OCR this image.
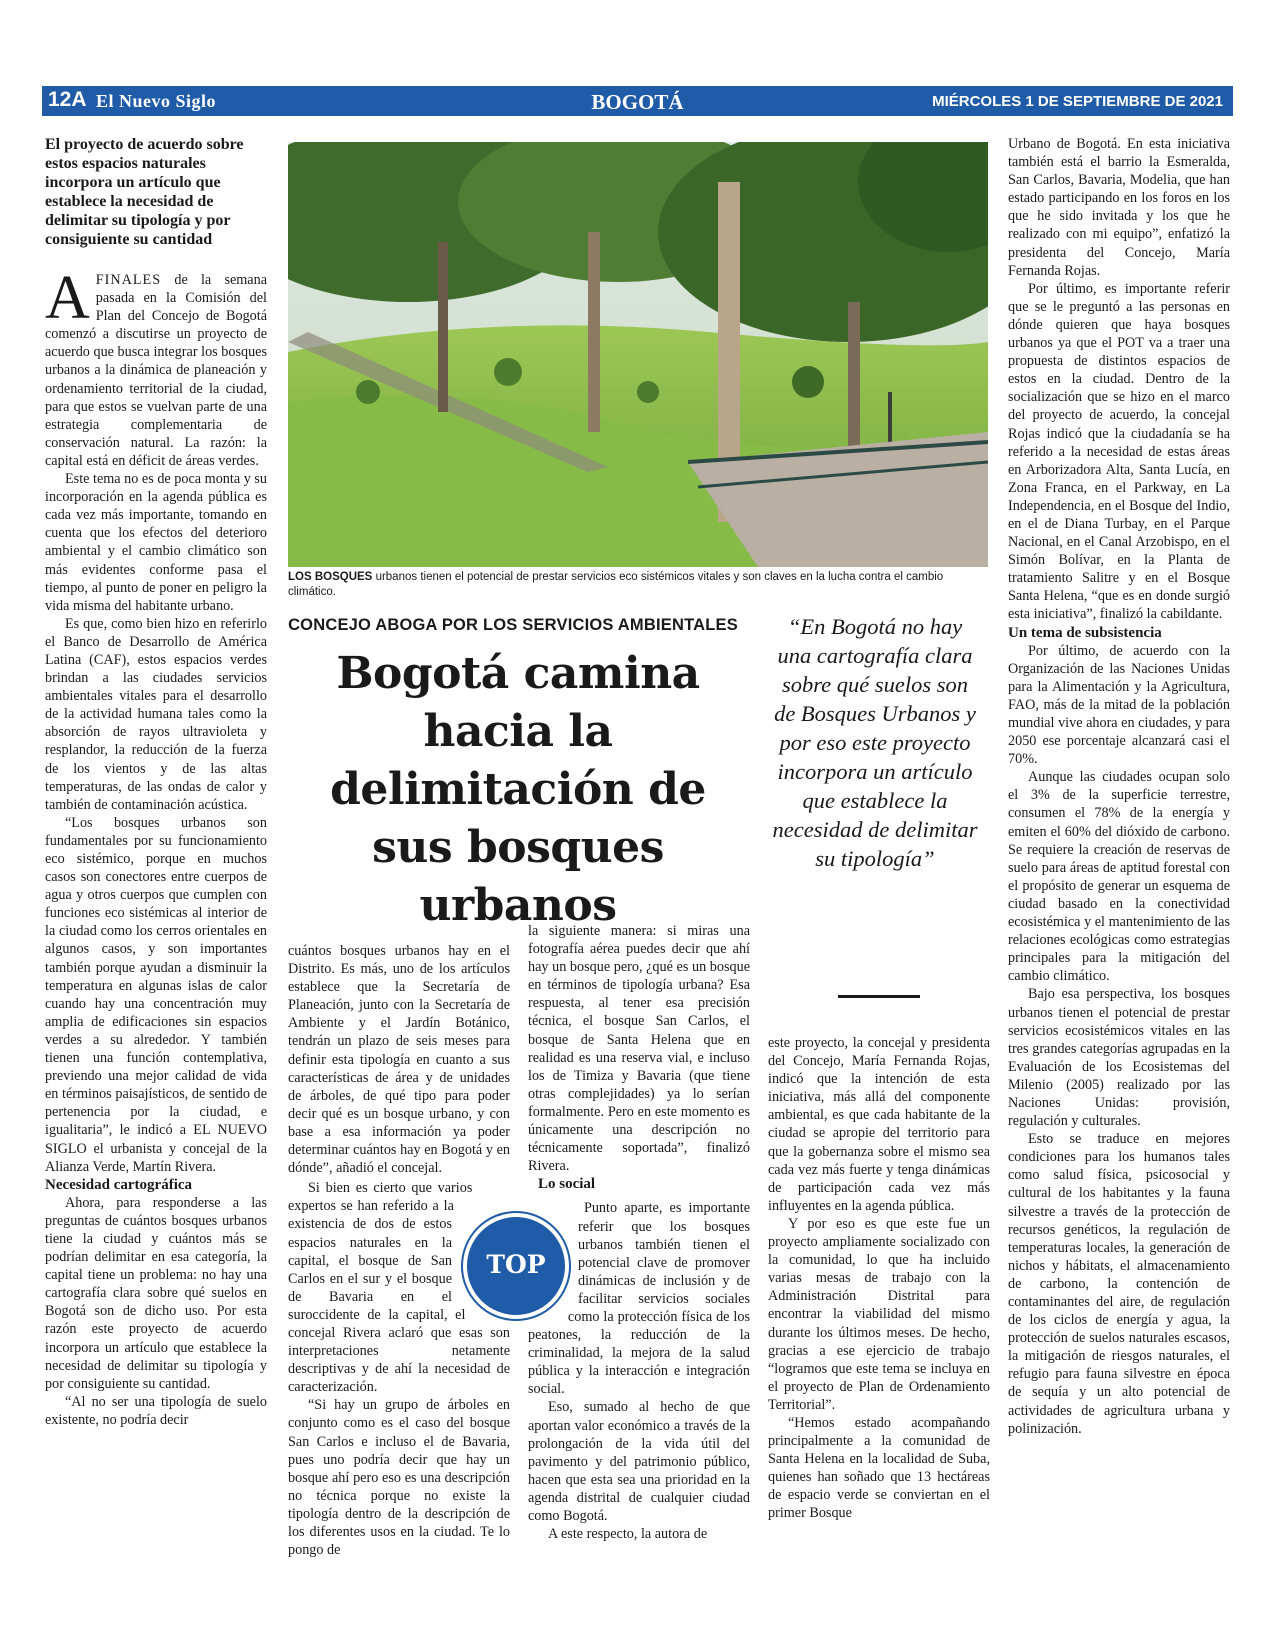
12A El Nuevo Siglo	BOGOTÁ	MIÉRCOLES 1 DE SEPTIEMBRE DE 2021
El proyecto de acuerdo sobre estos espacios naturales incorpora un artículo que establece la necesidad de delimitar su tipología y por consiguiente su cantidad

AFINALES de la semana pasada en la Comisión del Plan del Concejo de Bogotá comenzó a discutirse un proyecto de acuerdo que busca integrar los bosques urbanos a la dinámica de planeación y ordenamiento territorial de la ciudad, para que estos se vuelvan parte de una estrategia complementaria de conservación natural. La razón: la capital está en déficit de áreas verdes.

Este tema no es de poca monta y su incorporación en la agenda pública es cada vez más importante, tomando en cuenta que los efectos del deterioro ambiental y el cambio climático son más evidentes conforme pasa el tiempo, al punto de poner en peligro la vida misma del habitante urbano.

Es que, como bien hizo en referirlo el Banco de Desarrollo de América Latina (CAF), estos espacios verdes brindan a las ciudades servicios ambientales vitales para el desarrollo de la actividad humana tales como la absorción de rayos ultravioleta y resplandor, la reducción de la fuerza de los vientos y de las altas temperaturas, de las ondas de calor y también de contaminación acústica.

“Los bosques urbanos son fundamentales por su funcionamiento eco sistémico, porque en muchos casos son conectores entre cuerpos de agua y otros cuerpos que cumplen con funciones eco sistémicas al interior de la ciudad como los cerros orientales en algunos casos, y son importantes también porque ayudan a disminuir la temperatura en algunas islas de calor cuando hay una concentración muy amplia de edificaciones sin espacios verdes a su alrededor. Y también tienen una función contemplativa, previendo una mejor calidad de vida en términos paisajísticos, de sentido de pertenencia por la ciudad, e igualitaria”, le indicó a EL NUEVO SIGLO el urbanista y concejal de la Alianza Verde, Martín Rivera.

Necesidad cartográfica

Ahora, para responderse a las preguntas de cuántos bosques urbanos tiene la ciudad y cuántos más se podrían delimitar en esa categoría, la capital tiene un problema: no hay una cartografía clara sobre qué suelos en Bogotá son de dicho uso. Por esta razón este proyecto de acuerdo incorpora un artículo que establece la necesidad de delimitar su tipología y por consiguiente su cantidad.

“Al no ser una tipología de suelo existente, no podría decir

LOS BOSQUES urbanos tienen el potencial de prestar servicios eco sistémicos vitales y son claves en la lucha contra el cambio climático.
CONCEJO ABOGA POR LOS SERVICIOS AMBIENTALES
Bogotá camina hacia la delimitación de sus bosques urbanos
“En Bogotá no hay una cartografía clara sobre qué suelos son de Bosques Urbanos y por eso este proyecto incorpora un artículo que establece la necesidad de delimitar su tipología”

cuántos bosques urbanos hay en el Distrito. Es más, uno de los artículos establece que la Secretaría de Planeación, junto con la Secretaría de Ambiente y el Jardín Botánico, tendrán un plazo de seis meses para definir esta tipología en cuanto a sus características de área y de unidades de árboles, de qué tipo para poder decir qué es un bosque urbano, y con base a esa información ya poder determinar cuántos hay en Bogotá y en dónde”, añadió el concejal.

Si bien es cierto que varios expertos se han referido a la existencia de dos de estos espacios naturales en la capital, el bosque de San Carlos en el sur y el bosque de Bavaria en el suroccidente de la capital, el concejal Rivera aclaró que esas son interpretaciones netamente descriptivas y de ahí la necesidad de caracterización.

“Si hay un grupo de árboles en conjunto como es el caso del bosque San Carlos e incluso el de Bavaria, pues uno podría decir que hay un bosque ahí pero eso es una descripción no técnica porque no existe la tipología dentro de la descripción de los diferentes usos en la ciudad. Te lo pongo de

la siguiente manera: si miras una fotografía aérea puedes decir que ahí hay un bosque pero, ¿qué es un bosque en términos de tipología urbana? Esa respuesta, al tener esa precisión técnica, el bosque San Carlos, el bosque de Santa Helena que en realidad es una reserva vial, e incluso los de Timiza y Bavaria (que tiene otras complejidades) ya lo serían formalmente. Pero en este momento es únicamente una descripción no técnicamente soportada”, finalizó Rivera.

Lo social

Punto aparte, es importante referir que los bosques urbanos también tienen el potencial clave de promover dinámicas de inclusión y de facilitar servicios sociales como la protección física de los peatones, la reducción de la criminalidad, la mejora de la salud pública y la interacción e integración social.

Eso, sumado al hecho de que aportan valor económico a través de la prolongación de la vida útil del pavimento y del patrimonio público, hacen que esta sea una prioridad en la agenda distrital de cualquier ciudad como Bogotá.

A este respecto, la autora de

TOP

este proyecto, la concejal y presidenta del Concejo, María Fernanda Rojas, indicó que la intención de esta iniciativa, más allá del componente ambiental, es que cada habitante de la ciudad se apropie del territorio para que la gobernanza sobre el mismo sea cada vez más fuerte y tenga dinámicas de participación cada vez más influyentes en la agenda pública.

Y por eso es que este fue un proyecto ampliamente socializado con la comunidad, lo que ha incluido varias mesas de trabajo con la Administración Distrital para encontrar la viabilidad del mismo durante los últimos meses. De hecho, gracias a ese ejercicio de trabajo “logramos que este tema se incluya en el proyecto de Plan de Ordenamiento Territorial”.

“Hemos estado acompañando principalmente a la comunidad de Santa Helena en la localidad de Suba, quienes han soñado que 13 hectáreas de espacio verde se conviertan en el primer Bosque

Urbano de Bogotá. En esta iniciativa también está el barrio la Esmeralda, San Carlos, Bavaria, Modelia, que han estado participando en los foros en los que he sido invitada y los que he realizado con mi equipo”, enfatizó la presidenta del Concejo, María Fernanda Rojas.

Por último, es importante referir que se le preguntó a las personas en dónde quieren que haya bosques urbanos ya que el POT va a traer una propuesta de distintos espacios de estos en la ciudad. Dentro de la socialización que se hizo en el marco del proyecto de acuerdo, la concejal Rojas indicó que la ciudadanía se ha referido a la necesidad de estas áreas en Arborizadora Alta, Santa Lucía, en Zona Franca, en el Parkway, en La Independencia, en el Bosque del Indio, en el de Diana Turbay, en el Parque Nacional, en el Canal Arzobispo, en el Simón Bolívar, en la Planta de tratamiento Salitre y en el Bosque Santa Helena, “que es en donde surgió esta iniciativa”, finalizó la cabildante.

Un tema de subsistencia

Por último, de acuerdo con la Organización de las Naciones Unidas para la Alimentación y la Agricultura, FAO, más de la mitad de la población mundial vive ahora en ciudades, y para 2050 ese porcentaje alcanzará casi el 70%.

Aunque las ciudades ocupan solo el 3% de la superficie terrestre, consumen el 78% de la energía y emiten el 60% del dióxido de carbono. Se requiere la creación de reservas de suelo para áreas de aptitud forestal con el propósito de generar un esquema de ciudad basado en la conectividad ecosistémica y el mantenimiento de las relaciones ecológicas como estrategias principales para la mitigación del cambio climático.

Bajo esa perspectiva, los bosques urbanos tienen el potencial de prestar servicios ecosistémicos vitales en las tres grandes categorías agrupadas en la Evaluación de los Ecosistemas del Milenio (2005) realizado por las Naciones Unidas: provisión, regulación y culturales.

Esto se traduce en mejores condiciones para los humanos tales como salud física, psicosocial y cultural de los habitantes y la fauna silvestre a través de la protección de recursos genéticos, la regulación de temperaturas locales, la generación de nichos y hábitats, el almacenamiento de carbono, la contención de contaminantes del aire, de regulación de los ciclos de energía y agua, la protección de suelos naturales escasos, la mitigación de riesgos naturales, el refugio para fauna silvestre en época de sequía y un alto potencial de actividades de agricultura urbana y polinización.
